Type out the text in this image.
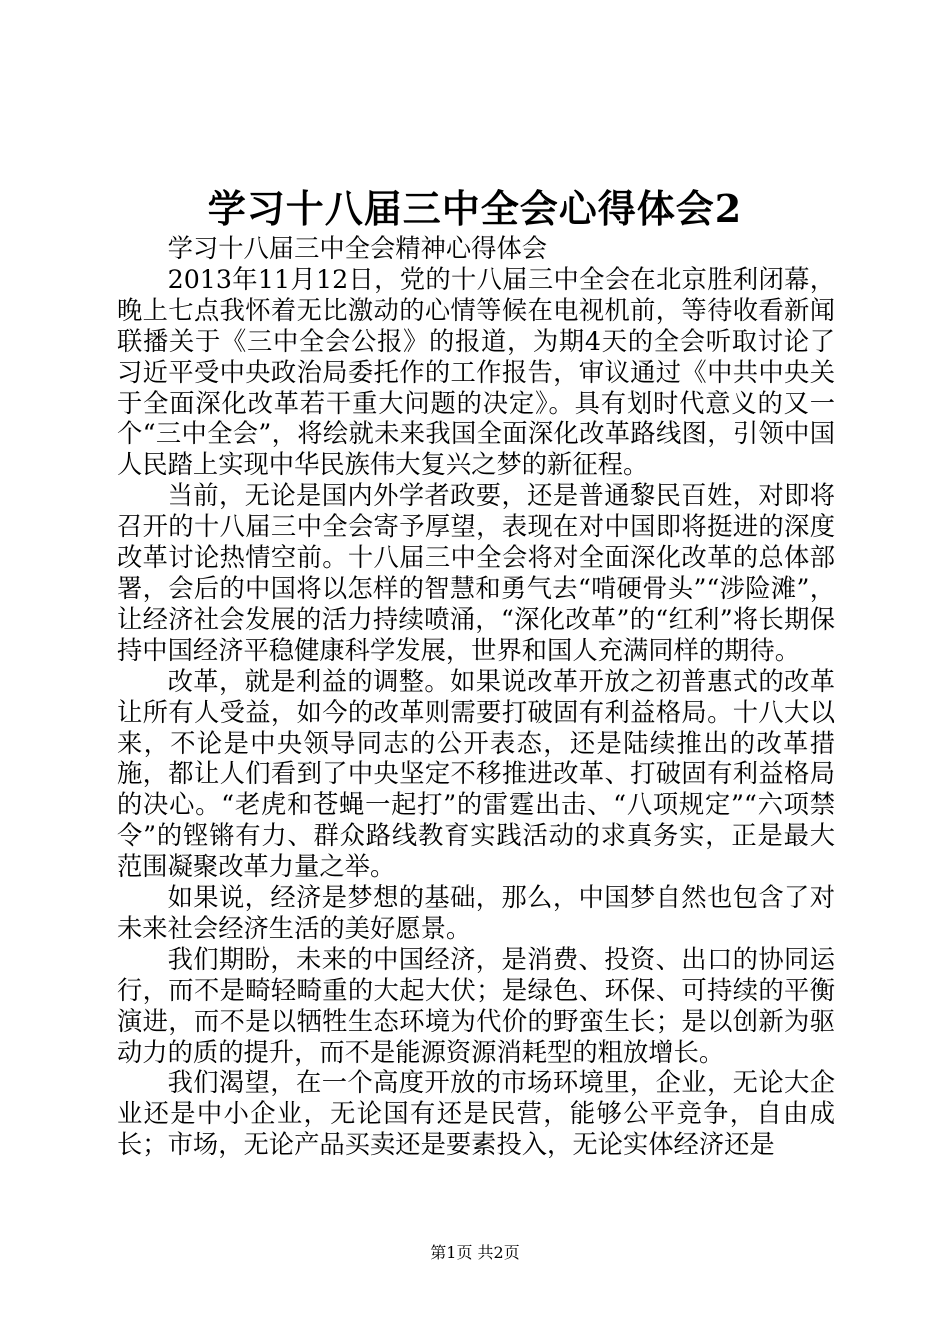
学习十八届三中全会心得体会2

学习十八届三中全会精神心得体会

2013年11月12日，党的十八届三中全会在北京胜利闭幕，晚上七点我怀着无比激动的心情等候在电视机前，等待收看新闻联播关于《三中全会公报》的报道，为期4天的全会听取讨论了习近平受中央政治局委托作的工作报告，审议通过《中共中央关于全面深化改革若干重大问题的决定》。具有划时代意义的又一个“三中全会”，将绘就未来我国全面深化改革路线图，引领中国人民踏上实现中华民族伟大复兴之梦的新征程。

当前，无论是国内外学者政要，还是普通黎民百姓，对即将召开的十八届三中全会寄予厚望，表现在对中国即将挺进的深度改革讨论热情空前。十八届三中全会将对全面深化改革的总体部署，会后的中国将以怎样的智慧和勇气去“啃硬骨头”“涉险滩”，让经济社会发展的活力持续喷涌，“深化改革”的“红利”将长期保持中国经济平稳健康科学发展，世界和国人充满同样的期待。

改革，就是利益的调整。如果说改革开放之初普惠式的改革让所有人受益，如今的改革则需要打破固有利益格局。十八大以来，不论是中央领导同志的公开表态，还是陆续推出的改革措施，都让人们看到了中央坚定不移推进改革、打破固有利益格局的决心。“老虎和苍蝇一起打”的雷霆出击、“八项规定”“六项禁令”的铿锵有力、群众路线教育实践活动的求真务实，正是最大范围凝聚改革力量之举。

如果说，经济是梦想的基础，那么，中国梦自然也包含了对未来社会经济生活的美好愿景。

我们期盼，未来的中国经济，是消费、投资、出口的协同运行，而不是畸轻畸重的大起大伏；是绿色、环保、可持续的平衡演进，而不是以牺牲生态环境为代价的野蛮生长；是以创新为驱动力的质的提升，而不是能源资源消耗型的粗放增长。

我们渴望，在一个高度开放的市场环境里，企业，无论大企业还是中小企业，无论国有还是民营，能够公平竞争，自由成长；市场，无论产品买卖还是要素投入，无论实体经济还是

第1页 共2页
